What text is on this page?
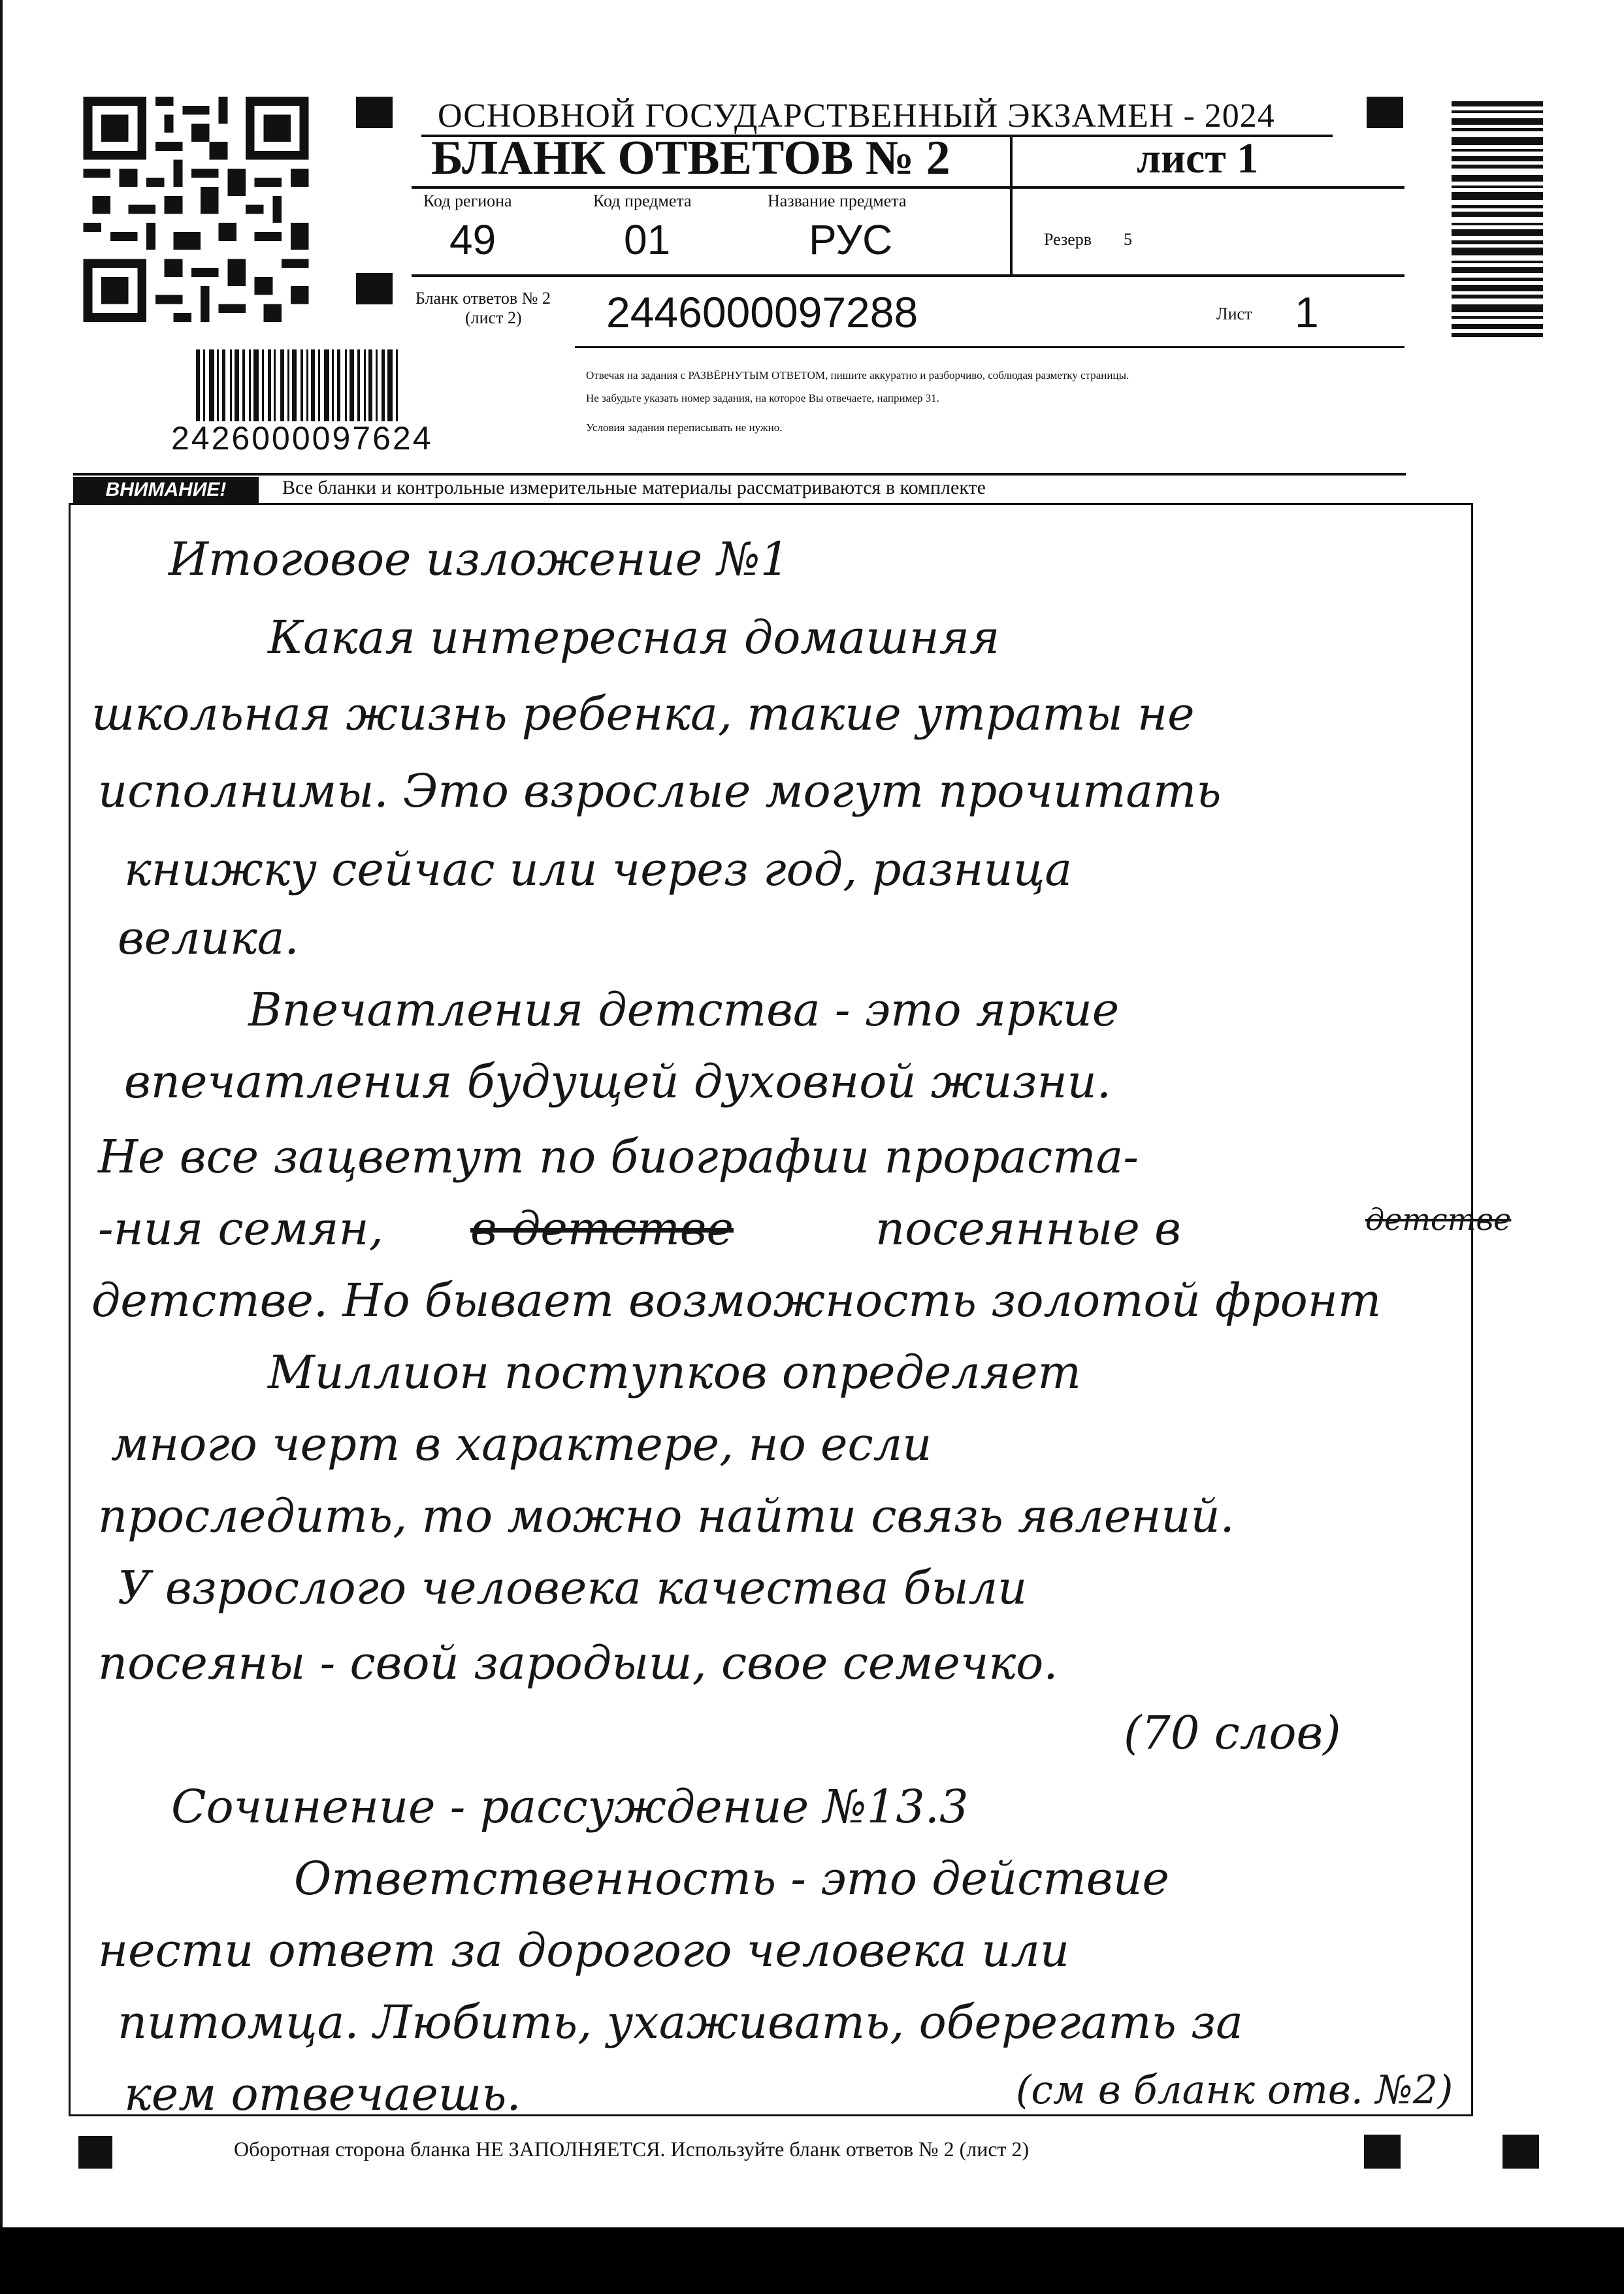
ОСНОВНОЙ ГОСУДАРСТВЕННЫЙ ЭКЗАМЕН - 2024
БЛАНК ОТВЕТОВ № 2	лист 1
Код региона
49
Код предмета
01
Название предмета
РУС	Резерв 5
Бланк ответов № 2
(лист 2) 2446000097288	Лист 1
Отвечая на задания с РАЗВЁРНУТЫМ ОТВЕТОМ, пишите аккуратно и разборчиво, соблюдая разметку страницы.
Не забудьте указать номер задания, на которое Вы отвечаете, например 31.
Условия задания переписывать не нужно.
2426000097624
ВНИМАНИЕ!	Все бланки и контрольные измерительные материалы рассматриваются в комплекте
Итоговое изложение №1
Какая интересная домашняя
школьная жизнь ребенка, такие утраты не
исполнимы. Это взрослые могут прочитать
книжку сейчас или через год, разница
велика.
Впечатления детства - это яркие
впечатления будущей духовной жизни.
Не все зацветут по биографии прораста-
-ния семян, в детстве	посеянные в	детстве
детстве. Но бывает возможность золотой фронт
Миллион поступков определяет
много черт в характере, но если
проследить, то можно найти связь явлений.
У взрослого человека качества были
посеяны - свой зародыш, свое семечко.
(70 слов)
Сочинение - рассуждение №13.3
Ответственность - это действие
нести ответ за дорогого человека или
питомца. Любить, ухаживать, оберегать за
кем отвечаешь.	(см в бланк отв. №2)
Оборотная сторона бланка НЕ ЗАПОЛНЯЕТСЯ. Используйте бланк ответов № 2 (лист 2)
